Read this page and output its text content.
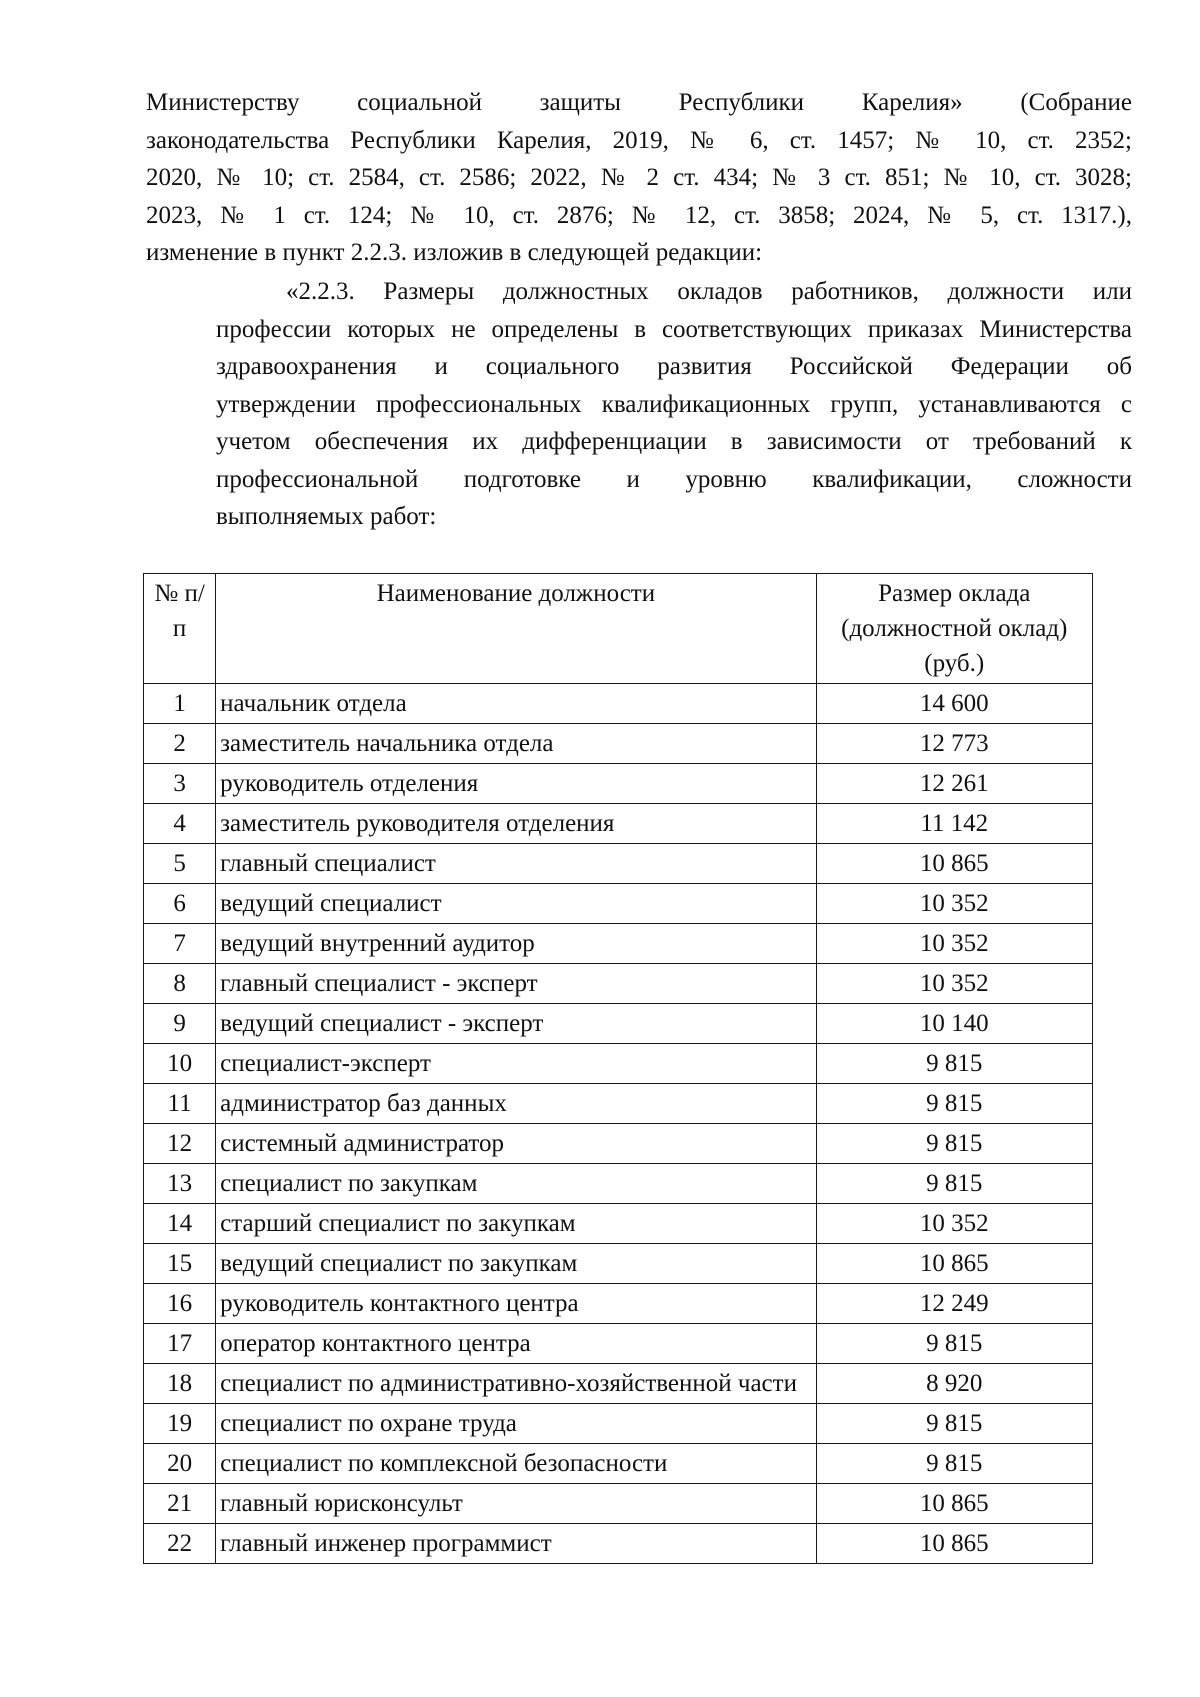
Министерству социальной защиты Республики Карелия» (Собрание
законодательства Республики Карелия, 2019, № 6, ст. 1457; № 10, ст. 2352;
2020, № 10; ст. 2584, ст. 2586; 2022, № 2 ст. 434; № 3 ст. 851; № 10, ст. 3028;
2023, № 1 ст. 124; № 10, ст. 2876; № 12, ст. 3858; 2024, № 5, ст. 1317.),
изменение в пункт 2.2.3. изложив в следующей редакции:
«2.2.3. Размеры должностных окладов работников, должности или
профессии которых не определены в соответствующих приказах Министерства
здравоохранения и социального развития Российской Федерации об
утверждении профессиональных квалификационных групп, устанавливаются с
учетом обеспечения их дифференциации в зависимости от требований к
профессиональной подготовке и уровню квалификации, сложности
выполняемых работ:
№ п/п	Наименование должности	Размер оклада (должностной оклад) (руб.)
1	начальник отдела	14 600
2	заместитель начальника отдела	12 773
3	руководитель отделения	12 261
4	заместитель руководителя отделения	11 142
5	главный специалист	10 865
6	ведущий специалист	10 352
7	ведущий внутренний аудитор	10 352
8	главный специалист - эксперт	10 352
9	ведущий специалист - эксперт	10 140
10	специалист-эксперт	9 815
11	администратор баз данных	9 815
12	системный администратор	9 815
13	специалист по закупкам	9 815
14	старший специалист по закупкам	10 352
15	ведущий специалист по закупкам	10 865
16	руководитель контактного центра	12 249
17	оператор контактного центра	9 815
18	специалист по административно-хозяйственной части	8 920
19	специалист по охране труда	9 815
20	специалист по комплексной безопасности	9 815
21	главный юрисконсульт	10 865
22	главный инженер программист	10 865
